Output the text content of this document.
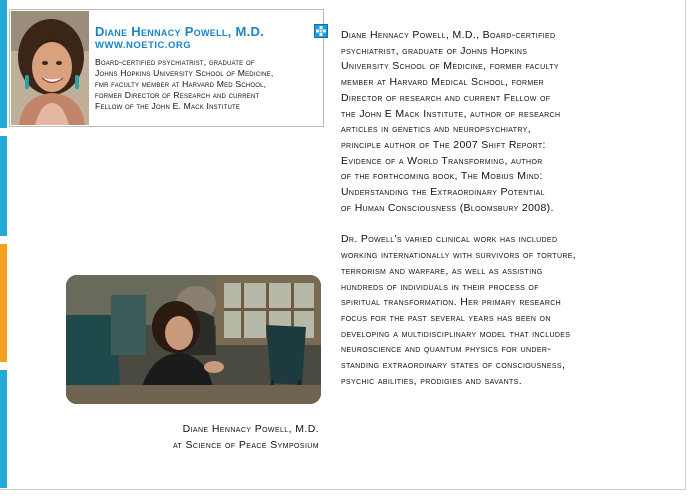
Diane Hennacy Powell, M.D.
WWW.NOETIC.ORG
Board-certified psychiatrist, graduate of
Johns Hopkins University School of Medicine,
fmr faculty member at Harvard Med School,
former Director of Research and current
Fellow of the John E. Mack Institute
Diane Hennacy Powell, M.D., Board-certified
psychiatrist, graduate of Johns Hopkins
University School of Medicine, former faculty
member at Harvard Medical School, former
Director of research and current Fellow of
the John E Mack Institute, author of research
articles in genetics and neuropsychiatry,
principle author of The 2007 Shift Report:
Evidence of a World Transforming, author
of the forthcoming book, The Mobius Mind:
Understanding the Extraordinary Potential
of Human Consciousness (Bloomsbury 2008).
Dr. Powell's varied clinical work has included
working internationally with survivors of torture,
terrorism and warfare, as well as assisting
hundreds of individuals in their process of
spiritual transformation. Her primary research
focus for the past several years has been on
developing a multidisciplinary model that includes
neuroscience and quantum physics for under-
standing extraordinary states of consciousness,
psychic abilities, prodigies and savants.
Diane Hennacy Powell, M.D.
at Science of Peace Symposium
